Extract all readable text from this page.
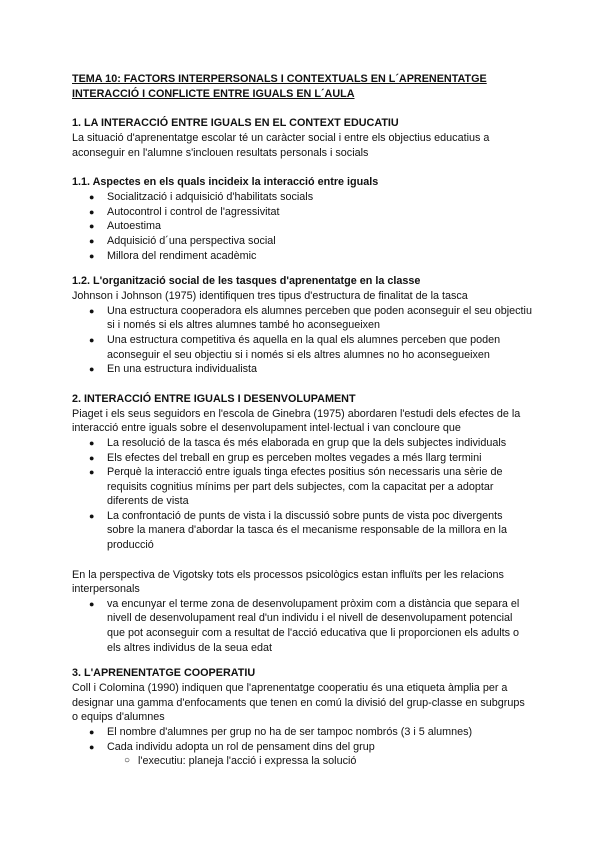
TEMA 10: FACTORS INTERPERSONALS I CONTEXTUALS EN L´APRENENTATGE
INTERACCIÓ I CONFLICTE ENTRE IGUALS EN L´AULA
1. LA INTERACCIÓ ENTRE IGUALS EN EL CONTEXT EDUCATIU

La situació d'aprenentatge escolar té un caràcter social i entre els objectius educatius a aconseguir en l'alumne s'inclouen resultats personals i socials

1.1. Aspectes en els quals incideix la interacció entre iguals
● Socialització i adquisició d'habilitats socials
● Autocontrol i control de l'agressivitat
● Autoestima
● Adquisició d´una perspectiva social
● Millora del rendiment acadèmic
1.2. L'organització social de les tasques d'aprenentatge en la classe

Johnson i Johnson (1975) identifiquen tres tipus d'estructura de finalitat de la tasca

● Una estructura cooperadora els alumnes perceben que poden aconseguir el seu objectiu si i només si els altres alumnes també ho aconsegueixen
● Una estructura competitiva és aquella en la qual els alumnes perceben que poden aconseguir el seu objectiu si i només si els altres alumnes no ho aconsegueixen
● En una estructura individualista
2. INTERACCIÓ ENTRE IGUALS I DESENVOLUPAMENT

Piaget i els seus seguidors en l'escola de Ginebra (1975) abordaren l'estudi dels efectes de la interacció entre iguals sobre el desenvolupament intel·lectual i van concloure que

● La resolució de la tasca és més elaborada en grup que la dels subjectes individuals
● Els efectes del treball en grup es perceben moltes vegades a més llarg termini
● Perquè la interacció entre iguals tinga efectes positius són necessaris una sèrie de requisits cognitius mínims per part dels subjectes, com la capacitat per a adoptar diferents de vista
● La confrontació de punts de vista i la discussió sobre punts de vista poc divergents sobre la manera d'abordar la tasca és el mecanisme responsable de la millora en la producció

En la perspectiva de Vigotsky tots els processos psicològics estan influïts per les relacions interpersonals

● va encunyar el terme zona de desenvolupament pròxim com a distància que separa el nivell de desenvolupament real d'un individu i el nivell de desenvolupament potencial que pot aconseguir com a resultat de l'acció educativa que li proporcionen els adults o els altres individus de la seua edat
3. L'APRENENTATGE COOPERATIU

Coll i Colomina (1990) indiquen que l'aprenentatge cooperatiu és una etiqueta àmplia per a designar una gamma d'enfocaments que tenen en comú la divisió del grup-classe en subgrups o equips d'alumnes

● El nombre d'alumnes per grup no ha de ser tampoc nombrós (3 i 5 alumnes)
● Cada individu adopta un rol de pensament dins del grup
○ l'executiu: planeja l'acció i expressa la solució
